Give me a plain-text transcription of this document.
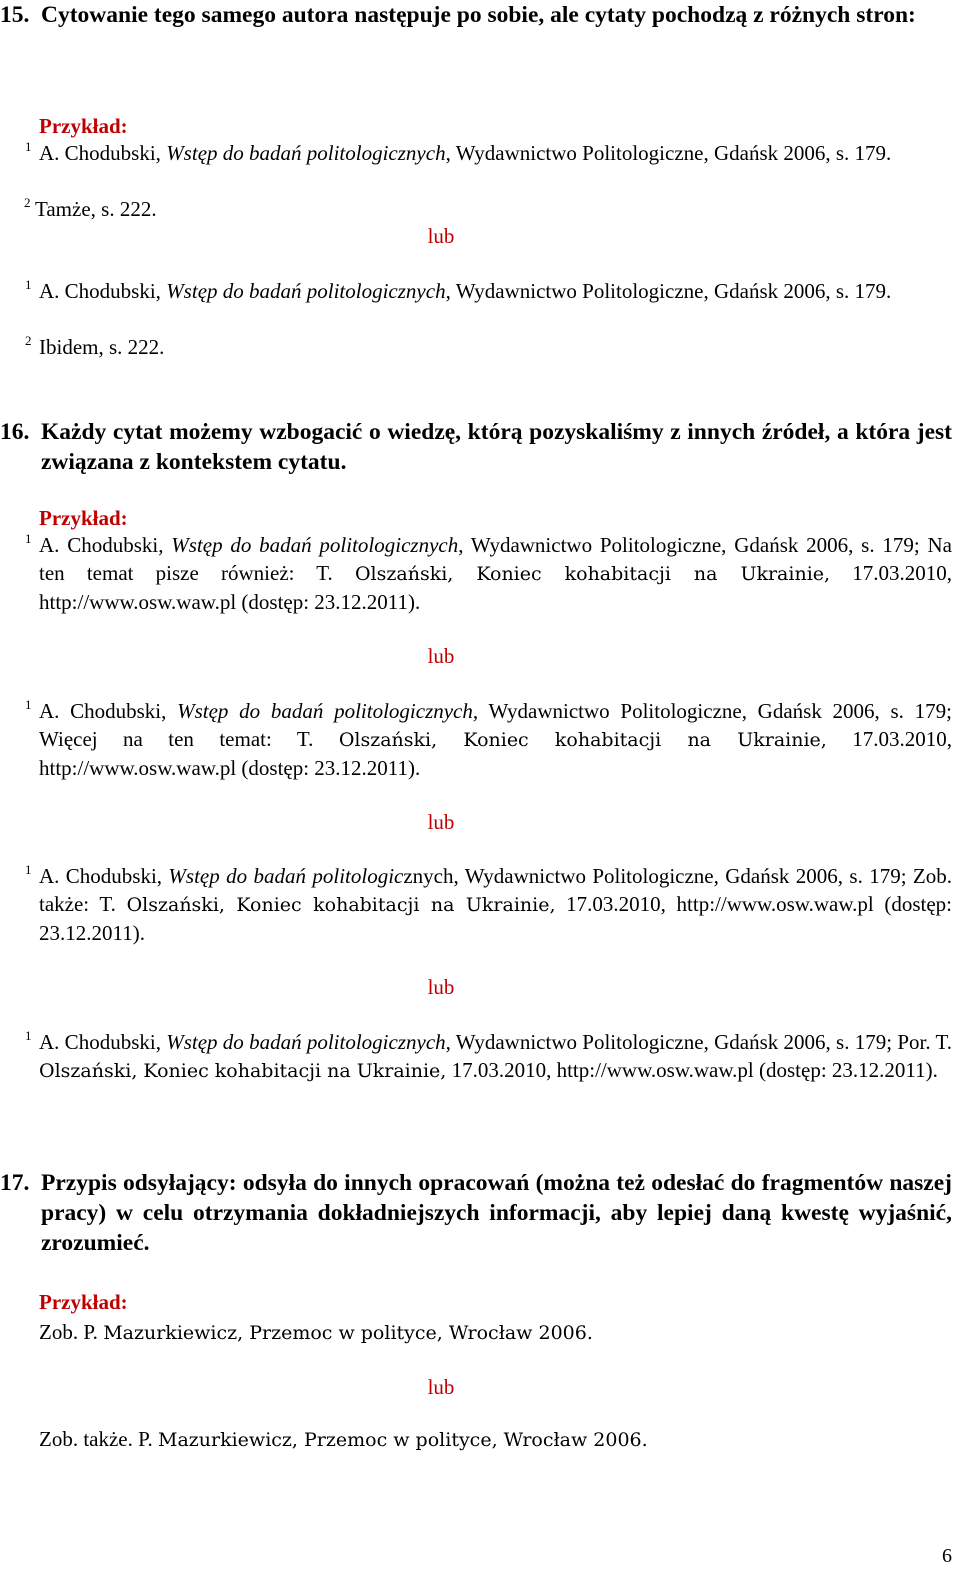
15. Cytowanie tego samego autora następuje po sobie, ale cytaty pochodzą z różnych stron:
Przykład:
1 A. Chodubski, Wstęp do badań politologicznych, Wydawnictwo Politologiczne, Gdańsk 2006, s. 179.
2 Tamże, s. 222.
lub
1 A. Chodubski, Wstęp do badań politologicznych, Wydawnictwo Politologiczne, Gdańsk 2006, s. 179.
2 Ibidem, s. 222.
16. Każdy cytat możemy wzbogacić o wiedzę, którą pozyskaliśmy z innych źródeł, a która jest związana z kontekstem cytatu.
Przykład:
1 A. Chodubski, Wstęp do badań politologicznych, Wydawnictwo Politologiczne, Gdańsk 2006, s. 179; Na ten temat pisze również: T. Olszański, Koniec kohabitacji na Ukrainie, 17.03.2010, http://www.osw.waw.pl (dostęp: 23.12.2011).
lub
1 A. Chodubski, Wstęp do badań politologicznych, Wydawnictwo Politologiczne, Gdańsk 2006, s. 179; Więcej na ten temat: T. Olszański, Koniec kohabitacji na Ukrainie, 17.03.2010, http://www.osw.waw.pl (dostęp: 23.12.2011).
lub
1 A. Chodubski, Wstęp do badań politologicznych, Wydawnictwo Politologiczne, Gdańsk 2006, s. 179; Zob. także: T. Olszański, Koniec kohabitacji na Ukrainie, 17.03.2010, http://www.osw.waw.pl (dostęp: 23.12.2011).
lub
1 A. Chodubski, Wstęp do badań politologicznych, Wydawnictwo Politologiczne, Gdańsk 2006, s. 179; Por. T. Olszański, Koniec kohabitacji na Ukrainie, 17.03.2010, http://www.osw.waw.pl (dostęp: 23.12.2011).
17. Przypis odsyłający: odsyła do innych opracowań (można też odesłać do fragmentów naszej pracy) w celu otrzymania dokładniejszych informacji, aby lepiej daną kwestę wyjaśnić, zrozumieć.
Przykład:
Zob. P. Mazurkiewicz, Przemoc w polityce, Wrocław 2006.
lub
Zob. także. P. Mazurkiewicz, Przemoc w polityce, Wrocław 2006.
6
